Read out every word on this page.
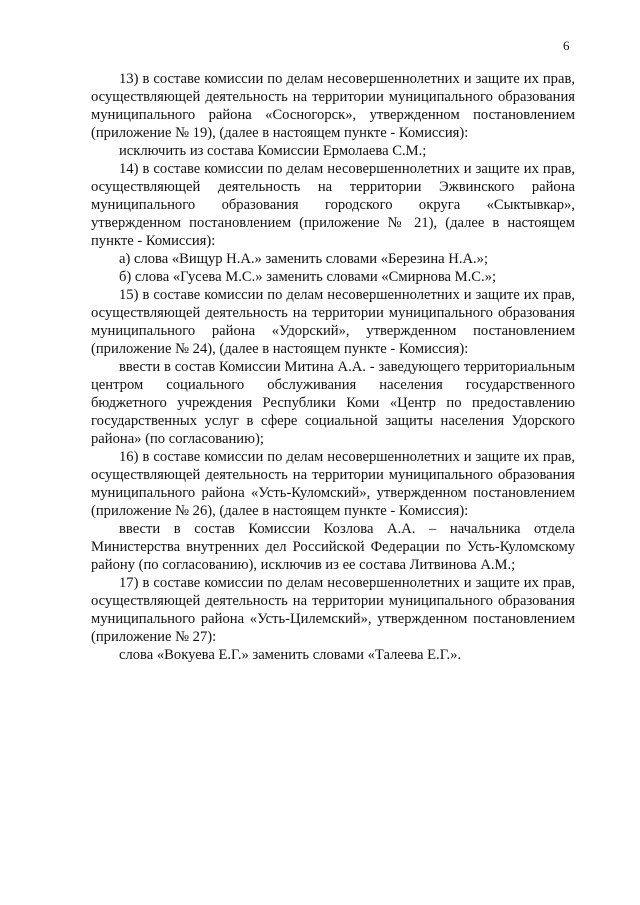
6

13) в составе комиссии по делам несовершеннолетних и защите их прав, осуществляющей деятельность на территории муниципального образования муниципального района «Сосногорск», утвержденном постановлением (приложение № 19), (далее в настоящем пункте - Комиссия):

исключить из состава Комиссии Ермолаева С.М.;

14) в составе комиссии по делам несовершеннолетних и защите их прав, осуществляющей деятельность на территории Эжвинского района муниципального образования городского округа «Сыктывкар», утвержденном постановлением (приложение № 21), (далее в настоящем пункте - Комиссия):

а) слова «Вищур Н.А.» заменить словами «Березина Н.А.»;

б) слова «Гусева М.С.» заменить словами «Смирнова М.С.»;

15) в составе комиссии по делам несовершеннолетних и защите их прав, осуществляющей деятельность на территории муниципального образования муниципального района «Удорский», утвержденном постановлением (приложение № 24), (далее в настоящем пункте - Комиссия):

ввести в состав Комиссии Митина А.А. - заведующего территориальным центром социального обслуживания населения государственного бюджетного учреждения Республики Коми «Центр по предоставлению государственных услуг в сфере социальной защиты населения Удорского района» (по согласованию);

16) в составе комиссии по делам несовершеннолетних и защите их прав, осуществляющей деятельность на территории муниципального образования муниципального района «Усть-Куломский», утвержденном постановлением (приложение № 26), (далее в настоящем пункте - Комиссия):

ввести в состав Комиссии Козлова А.А. – начальника отдела Министерства внутренних дел Российской Федерации по Усть-Куломскому району (по согласованию), исключив из ее состава Литвинова А.М.;

17) в составе комиссии по делам несовершеннолетних и защите их прав, осуществляющей деятельность на территории муниципального образования муниципального района «Усть-Цилемский», утвержденном постановлением (приложение № 27):

слова «Вокуева Е.Г.» заменить словами «Талеева Е.Г.».
